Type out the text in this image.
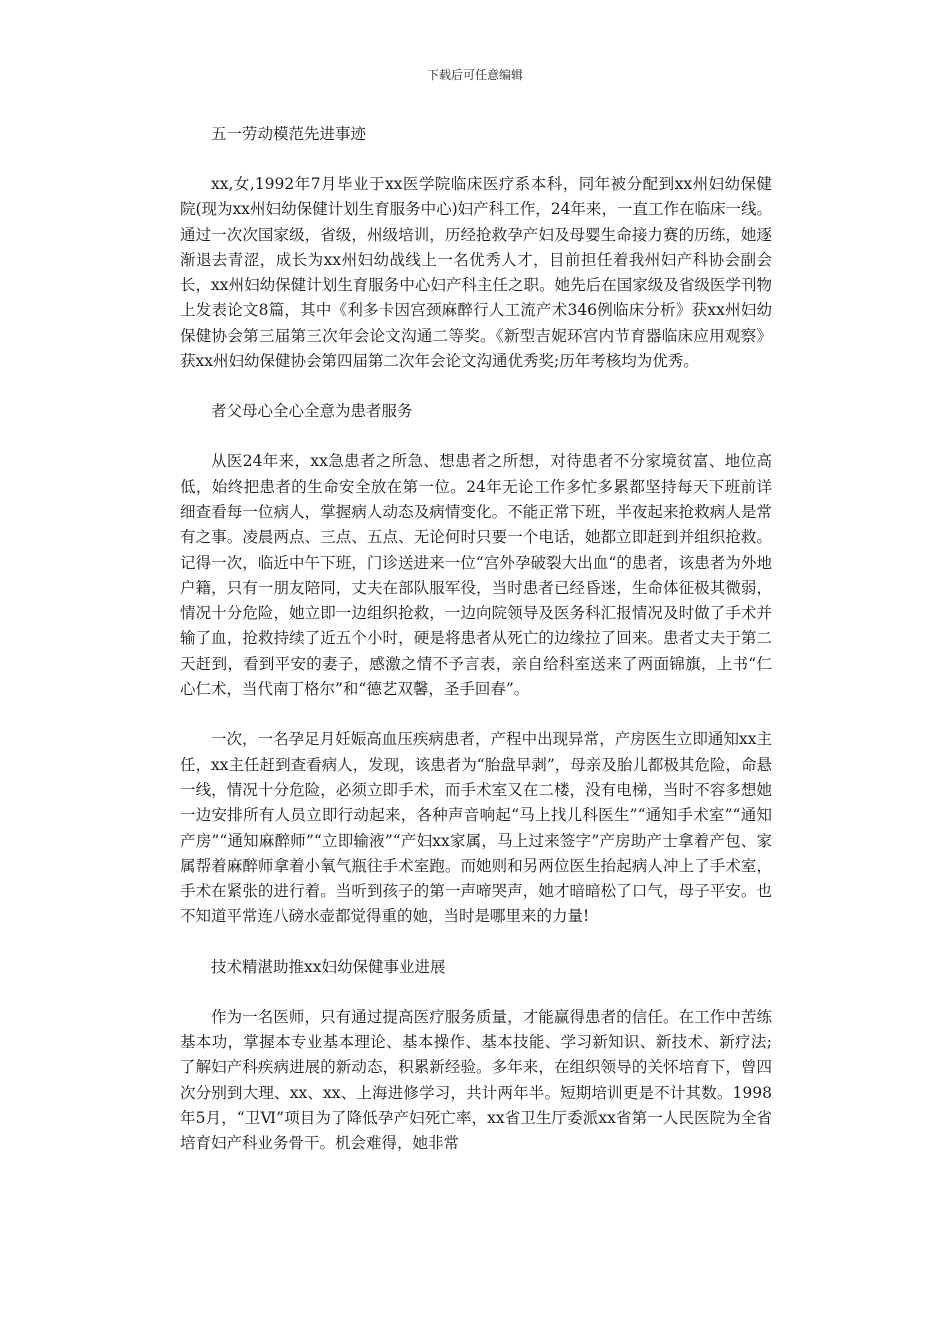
下载后可任意编辑

五一劳动模范先进事迹

xx,女,1992年7月毕业于xx医学院临床医疗系本科，同年被分配到xx州妇幼保健院(现为xx州妇幼保健计划生育服务中心)妇产科工作，24年来，一直工作在临床一线。通过一次次国家级，省级，州级培训，历经抢救孕产妇及母婴生命接力赛的历练，她逐渐退去青涩，成长为xx州妇幼战线上一名优秀人才，目前担任着我州妇产科协会副会长，xx州妇幼保健计划生育服务中心妇产科主任之职。她先后在国家级及省级医学刊物上发表论文8篇，其中《利多卡因宫颈麻醉行人工流产术346例临床分析》获xx州妇幼保健协会第三届第三次年会论文沟通二等奖。《新型吉妮环宫内节育器临床应用观察》获xx州妇幼保健协会第四届第二次年会论文沟通优秀奖;历年考核均为优秀。

者父母心全心全意为患者服务

从医24年来，xx急患者之所急、想患者之所想，对待患者不分家境贫富、地位高低，始终把患者的生命安全放在第一位。24年无论工作多忙多累都坚持每天下班前详细查看每一位病人，掌握病人动态及病情变化。不能正常下班，半夜起来抢救病人是常有之事。凌晨两点、三点、五点、无论何时只要一个电话，她都立即赶到并组织抢救。记得一次，临近中午下班，门诊送进来一位“宫外孕破裂大出血“的患者，该患者为外地户籍，只有一朋友陪同，丈夫在部队服军役，当时患者已经昏迷，生命体征极其微弱，情况十分危险，她立即一边组织抢救，一边向院领导及医务科汇报情况及时做了手术并输了血，抢救持续了近五个小时，硬是将患者从死亡的边缘拉了回来。患者丈夫于第二天赶到，看到平安的妻子，感激之情不予言表，亲自给科室送来了两面锦旗，上书“仁心仁术，当代南丁格尔”和“德艺双馨，圣手回春”。

一次，一名孕足月妊娠高血压疾病患者，产程中出现异常，产房医生立即通知xx主任，xx主任赶到查看病人，发现，该患者为“胎盘早剥”，母亲及胎儿都极其危险，命悬一线，情况十分危险，必须立即手术，而手术室又在二楼，没有电梯，当时不容多想她一边安排所有人员立即行动起来，各种声音响起“马上找儿科医生”“通知手术室”“通知产房”“通知麻醉师”“立即输液”“产妇xx家属，马上过来签字”产房助产士拿着产包、家属帮着麻醉师拿着小氧气瓶往手术室跑。而她则和另两位医生抬起病人冲上了手术室，手术在紧张的进行着。当听到孩子的第一声啼哭声，她才暗暗松了口气，母子平安。也不知道平常连八磅水壶都觉得重的她，当时是哪里来的力量!

技术精湛助推xx妇幼保健事业进展

作为一名医师，只有通过提高医疗服务质量，才能赢得患者的信任。在工作中苦练基本功，掌握本专业基本理论、基本操作、基本技能、学习新知识、新技术、新疗法;了解妇产科疾病进展的新动态，积累新经验。多年来，在组织领导的关怀培育下，曾四次分别到大理、xx、xx、上海进修学习，共计两年半。短期培训更是不计其数。1998年5月，“卫Ⅵ”项目为了降低孕产妇死亡率，xx省卫生厅委派xx省第一人民医院为全省培育妇产科业务骨干。机会难得，她非常
